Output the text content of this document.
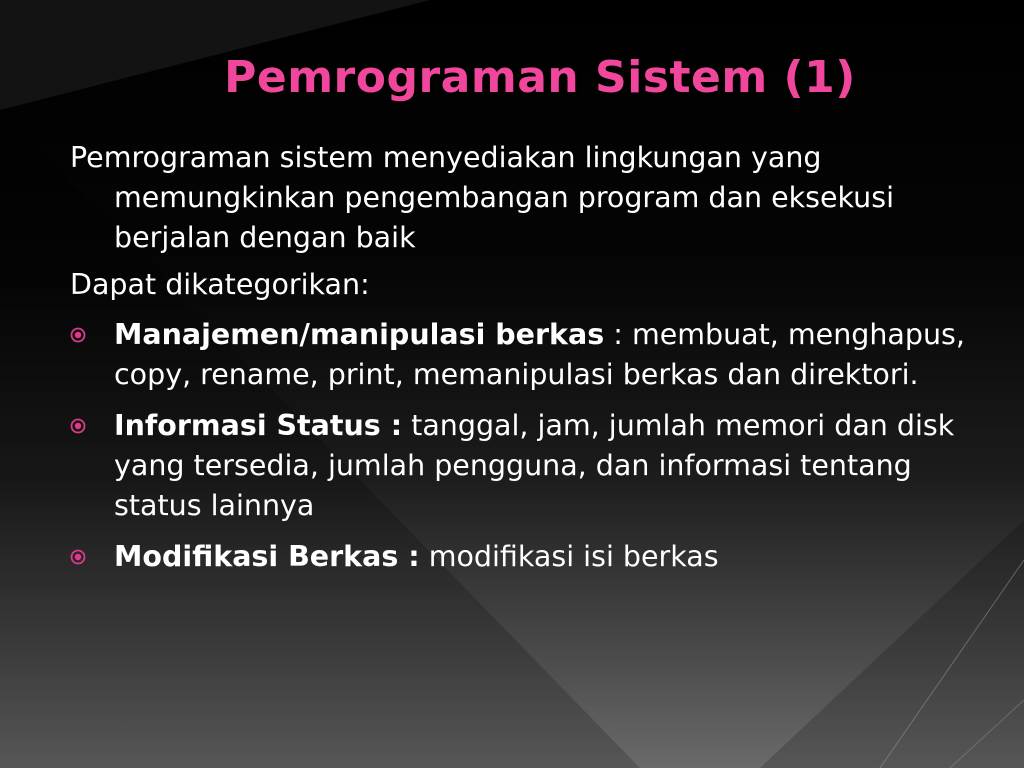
Pemrograman Sistem (1)

Pemrograman sistem menyediakan lingkungan yang memungkinkan pengembangan program dan eksekusi berjalan dengan baik

Dapat dikategorikan:

Manajemen/manipulasi berkas : membuat, menghapus, copy, rename, print, memanipulasi berkas dan direktori.
Informasi Status : tanggal, jam, jumlah memori dan disk yang tersedia, jumlah pengguna, dan informasi tentang status lainnya
Modifikasi Berkas : modifikasi isi berkas
